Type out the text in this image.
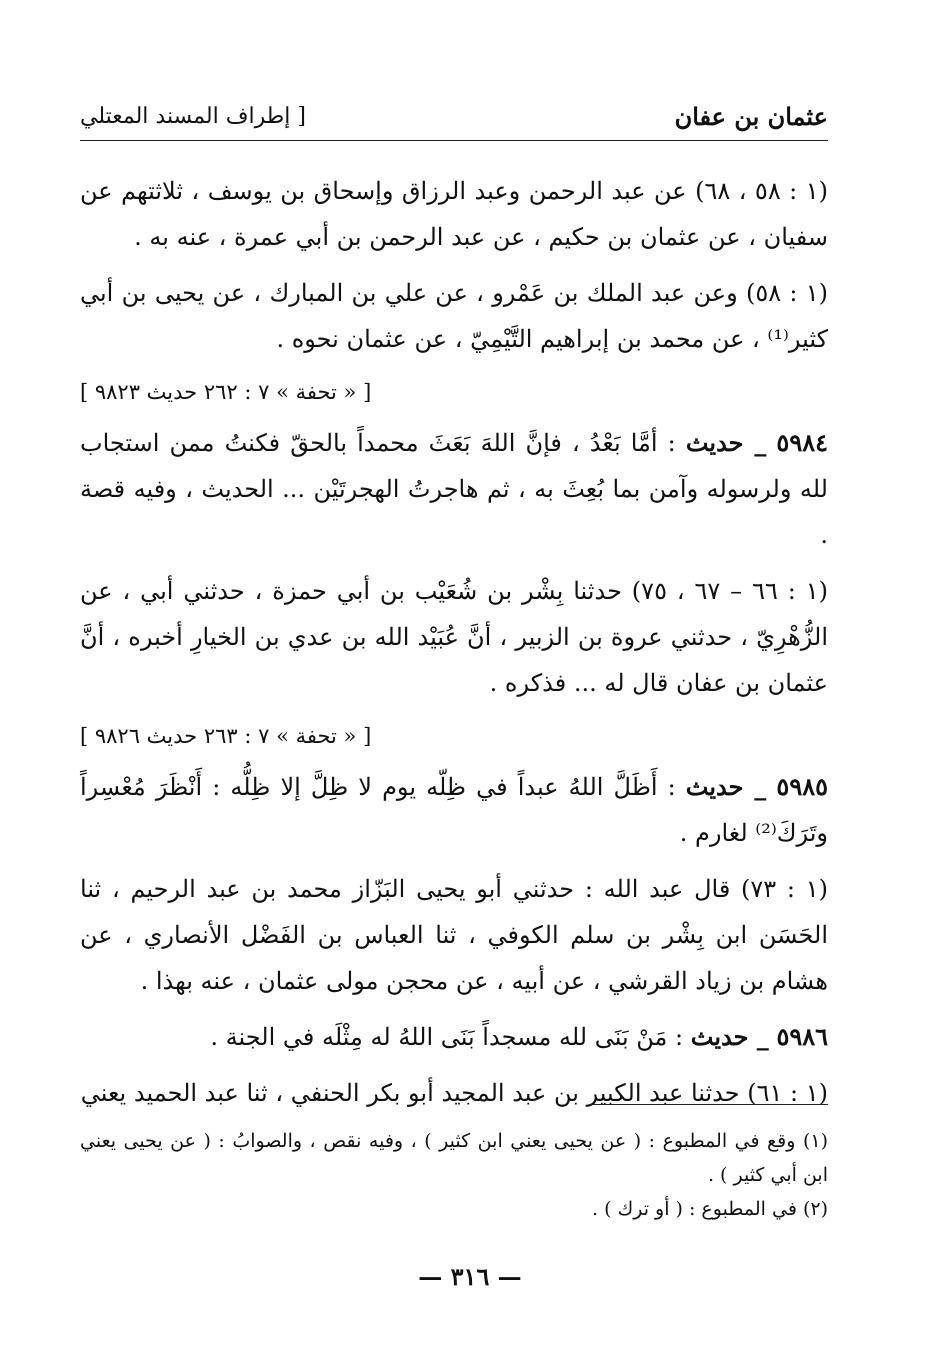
عثمان بن عفان
[ إطراف المسند المعتلي

(١ : ٥٨ ، ٦٨) عن عبد الرحمن وعبد الرزاق وإسحاق بن يوسف ، ثلاثتهم عن سفيان ، عن عثمان بن حكيم ، عن عبد الرحمن بن أبي عمرة ، عنه به .

(١ : ٥٨) وعن عبد الملك بن عَمْرو ، عن علي بن المبارك ، عن يحيى بن أبي كثير⁽¹⁾ ، عن محمد بن إبراهيم التَّيْمِيّ ، عن عثمان نحوه .

[ « تحفة » ٧ : ٢٦٢ حديث ٩٨٢٣ ]

٥٩٨٤ _ حديث : أمَّا بَعْدُ ، فإنَّ اللهَ بَعَثَ محمداً بالحقّ فكنتُ ممن استجاب لله ولرسوله وآمن بما بُعِثَ به ، ثم هاجرتُ الهجرتَيْن ... الحديث ، وفيه قصة .

(١ : ٦٦ – ٦٧ ، ٧٥) حدثنا بِشْر بن شُعَيْب بن أبي حمزة ، حدثني أبي ، عن الزُّهْرِيّ ، حدثني عروة بن الزبير ، أنَّ عُبَيْد الله بن عدي بن الخيارِ أخبره ، أنَّ عثمان بن عفان قال له ... فذكره .

[ « تحفة » ٧ : ٢٦٣ حديث ٩٨٢٦ ]

٥٩٨٥ _ حديث : أَظَلَّ اللهُ عبداً في ظِلّه يوم لا ظِلَّ إلا ظِلُّه : أَنْظَرَ مُعْسِراً وتَرَكَ⁽²⁾ لغارم .

(١ : ٧٣) قال عبد الله : حدثني أبو يحيى البَزّاز محمد بن عبد الرحيم ، ثنا الحَسَن ابن بِشْر بن سلم الكوفي ، ثنا العباس بن الفَضْل الأنصاري ، عن هشام بن زياد القرشي ، عن أبيه ، عن محجن مولى عثمان ، عنه بهذا .

٥٩٨٦ _ حديث : مَنْ بَنَى لله مسجداً بَنَى اللهُ له مِثْلَه في الجنة .

(١ : ٦١) حدثنا عبد الكبير بن عبد المجيد أبو بكر الحنفي ، ثنا عبد الحميد يعني

(١) وقع في المطبوع : ( عن يحيى يعني ابن كثير ) ، وفيه نقص ، والصوابُ : ( عن يحيى يعني ابن أبي كثير ) .

(٢) في المطبوع : ( أو ترك ) .

— ٣١٦ —
